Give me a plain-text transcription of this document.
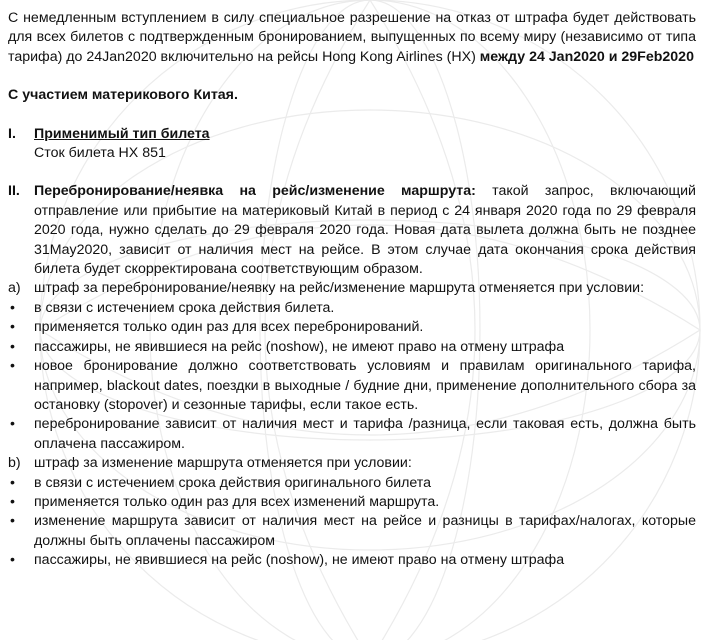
С немедленным вступлением в силу специальное разрешение на отказ от штрафа будет действовать для всех билетов с подтвержденным бронированием, выпущенных по всему миру (независимо от типа тарифа) до 24Jan2020 включительно на рейсы Hong Kong Airlines (HX) между 24 Jan2020 и 29Feb2020

С участием материкового Китая.

I. Применимый тип билета

Сток билета HX 851

II. Перебронирование/неявка на рейс/изменение маршрута: такой запрос, включающий отправление или прибытие на материковый Китай в период с 24 января 2020 года по 29 февраля 2020 года, нужно сделать до 29 февраля 2020 года. Новая дата вылета должна быть не позднее 31May2020, зависит от наличия мест на рейсе. В этом случае дата окончания срока действия билета будет скорректирована соответствующим образом.
a) штраф за перебронирование/неявку на рейс/изменение маршрута отменяется при условии:
• в связи с истечением срока действия билета.
• применяется только один раз для всех перебронирований.
• пассажиры, не явившиеся на рейс (noshow), не имеют право на отмену штрафа
• новое бронирование должно соответствовать условиям и правилам оригинального тарифа, например, blackout dates, поездки в выходные / будние дни, применение дополнительного сбора за остановку (stopover) и сезонные тарифы, если такое есть.
• перебронирование зависит от наличия мест и тарифа /разница, если таковая есть, должна быть оплачена пассажиром.
b) штраф за изменение маршрута отменяется при условии:
• в связи с истечением срока действия оригинального билета
• применяется только один раз для всех изменений маршрута.
• изменение маршрута зависит от наличия мест на рейсе и разницы в тарифах/налогах, которые должны быть оплачены пассажиром
• пассажиры, не явившиеся на рейс (noshow), не имеют право на отмену штрафа
